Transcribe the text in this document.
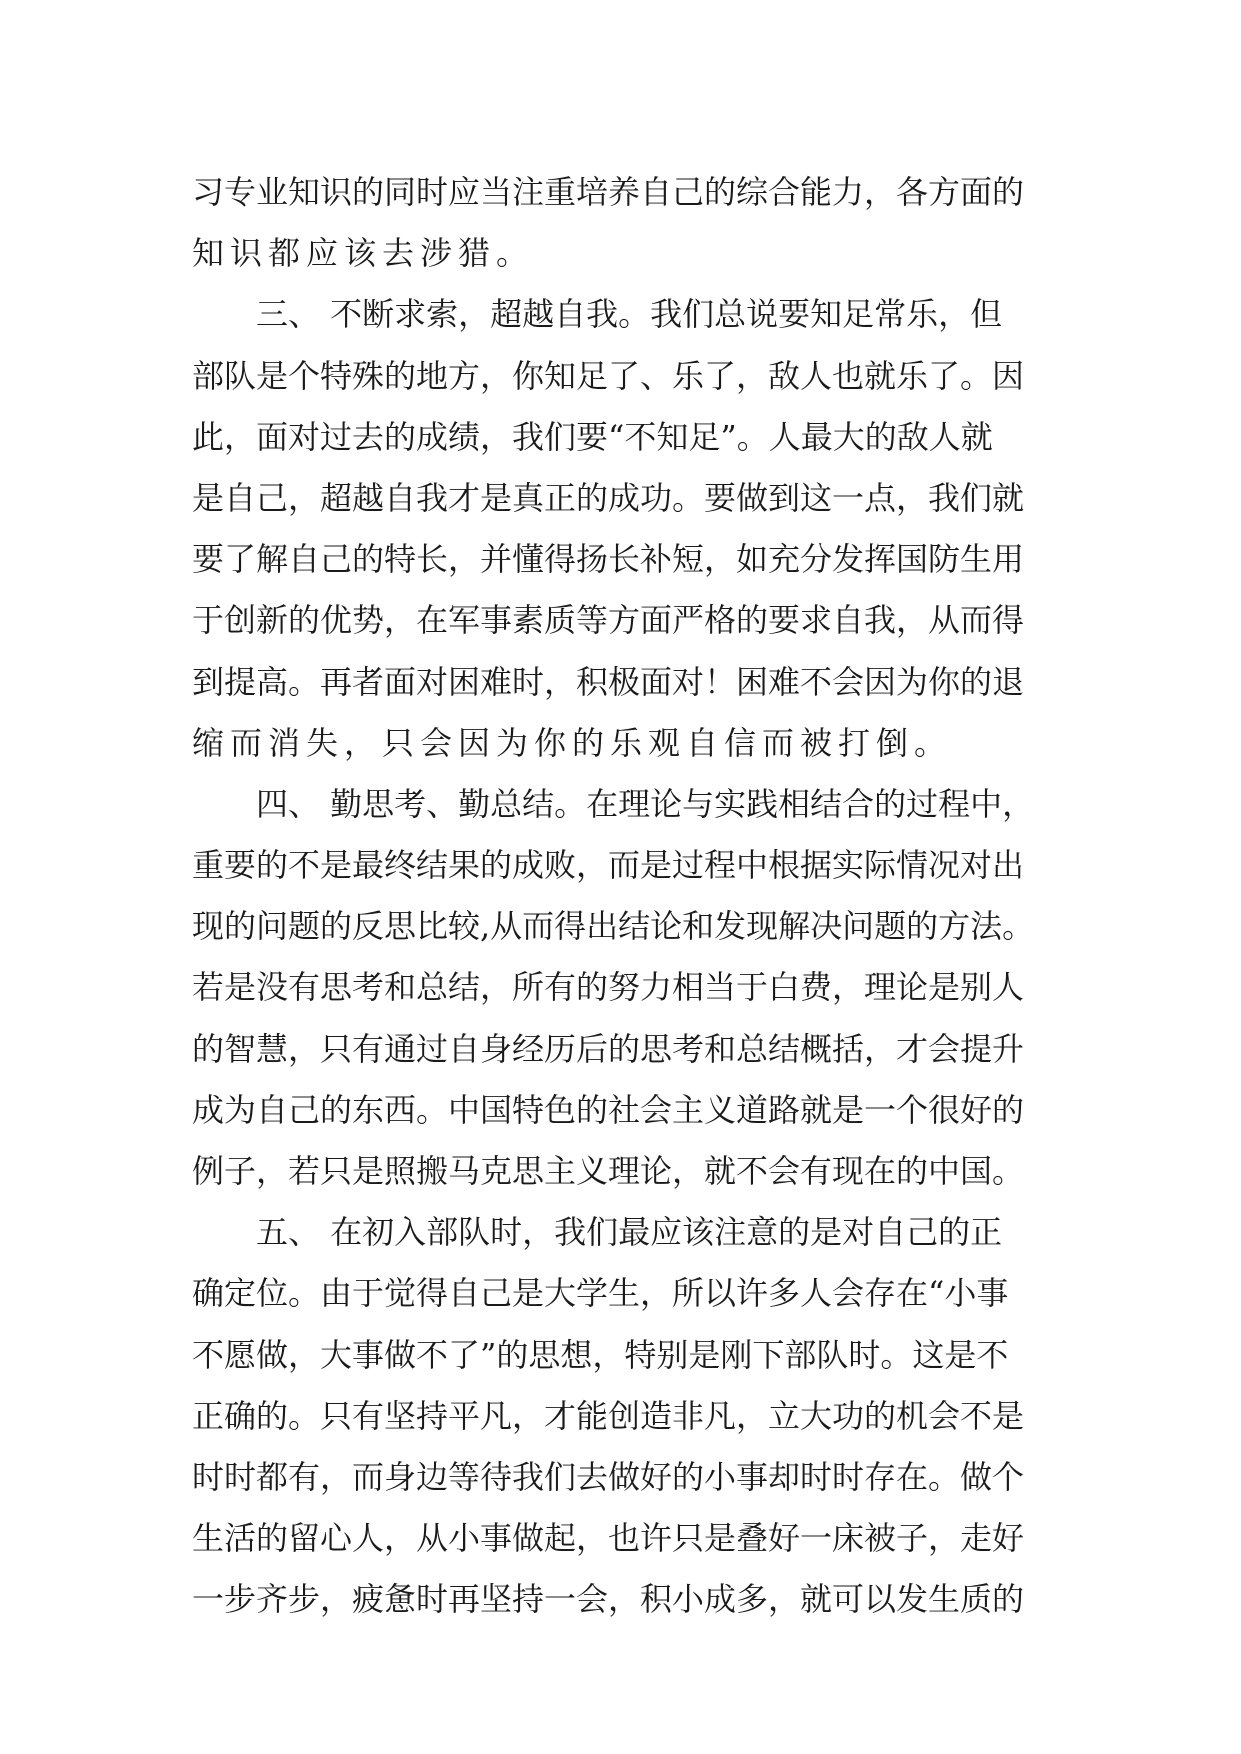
习专业知识的同时应当注重培养自己的综合能力，各方面的
知识都应该去涉猎。
三、 不断求索，超越自我。我们总说要知足常乐，但
部队是个特殊的地方，你知足了、乐了，敌人也就乐了。因
此，面对过去的成绩，我们要“不知足”。人最大的敌人就
是自己，超越自我才是真正的成功。要做到这一点，我们就
要了解自己的特长，并懂得扬长补短，如充分发挥国防生用
于创新的优势，在军事素质等方面严格的要求自我，从而得
到提高。再者面对困难时，积极面对！困难不会因为你的退
缩而消失，只会因为你的乐观自信而被打倒。
四、 勤思考、勤总结。在理论与实践相结合的过程中，
重要的不是最终结果的成败，而是过程中根据实际情况对出
现的问题的反思比较,从而得出结论和发现解决问题的方法。
若是没有思考和总结，所有的努力相当于白费，理论是别人
的智慧，只有通过自身经历后的思考和总结概括，才会提升
成为自己的东西。中国特色的社会主义道路就是一个很好的
例子，若只是照搬马克思主义理论，就不会有现在的中国。
五、 在初入部队时，我们最应该注意的是对自己的正
确定位。由于觉得自己是大学生，所以许多人会存在“小事
不愿做，大事做不了”的思想，特别是刚下部队时。这是不
正确的。只有坚持平凡，才能创造非凡，立大功的机会不是
时时都有，而身边等待我们去做好的小事却时时存在。做个
生活的留心人，从小事做起，也许只是叠好一床被子，走好
一步齐步，疲惫时再坚持一会，积小成多，就可以发生质的
